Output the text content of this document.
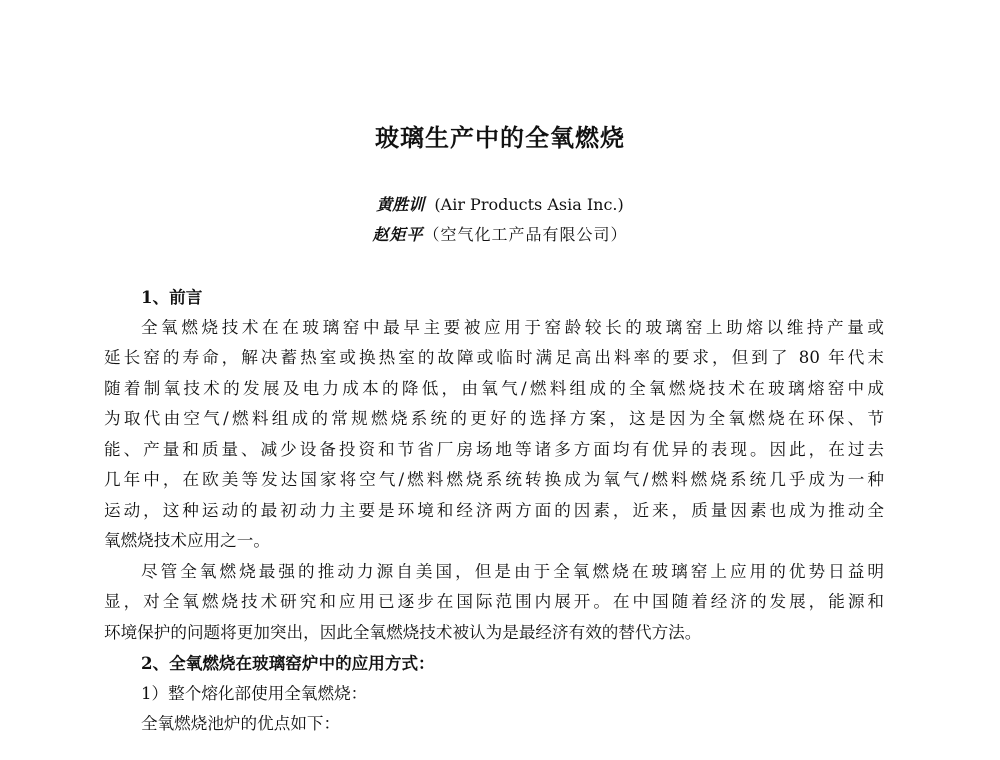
玻璃生产中的全氧燃烧
黄胜训 (Air Products Asia Inc.)
赵矩平（空气化工产品有限公司）
1、前言
全氧燃烧技术在在玻璃窑中最早主要被应用于窑龄较长的玻璃窑上助熔以维持产量或
延长窑的寿命，解决蓄热室或换热室的故障或临时满足高出料率的要求，但到了 80 年代末
随着制氧技术的发展及电力成本的降低，由氧气/燃料组成的全氧燃烧技术在玻璃熔窑中成
为取代由空气/燃料组成的常规燃烧系统的更好的选择方案，这是因为全氧燃烧在环保、节
能、产量和质量、减少设备投资和节省厂房场地等诸多方面均有优异的表现。因此，在过去
几年中，在欧美等发达国家将空气/燃料燃烧系统转换成为氧气/燃料燃烧系统几乎成为一种
运动，这种运动的最初动力主要是环境和经济两方面的因素，近来，质量因素也成为推动全
氧燃烧技术应用之一。
尽管全氧燃烧最强的推动力源自美国，但是由于全氧燃烧在玻璃窑上应用的优势日益明
显，对全氧燃烧技术研究和应用已逐步在国际范围内展开。在中国随着经济的发展，能源和
环境保护的问题将更加突出，因此全氧燃烧技术被认为是最经济有效的替代方法。
2、全氧燃烧在玻璃窑炉中的应用方式：
1）整个熔化部使用全氧燃烧：
全氧燃烧池炉的优点如下：
